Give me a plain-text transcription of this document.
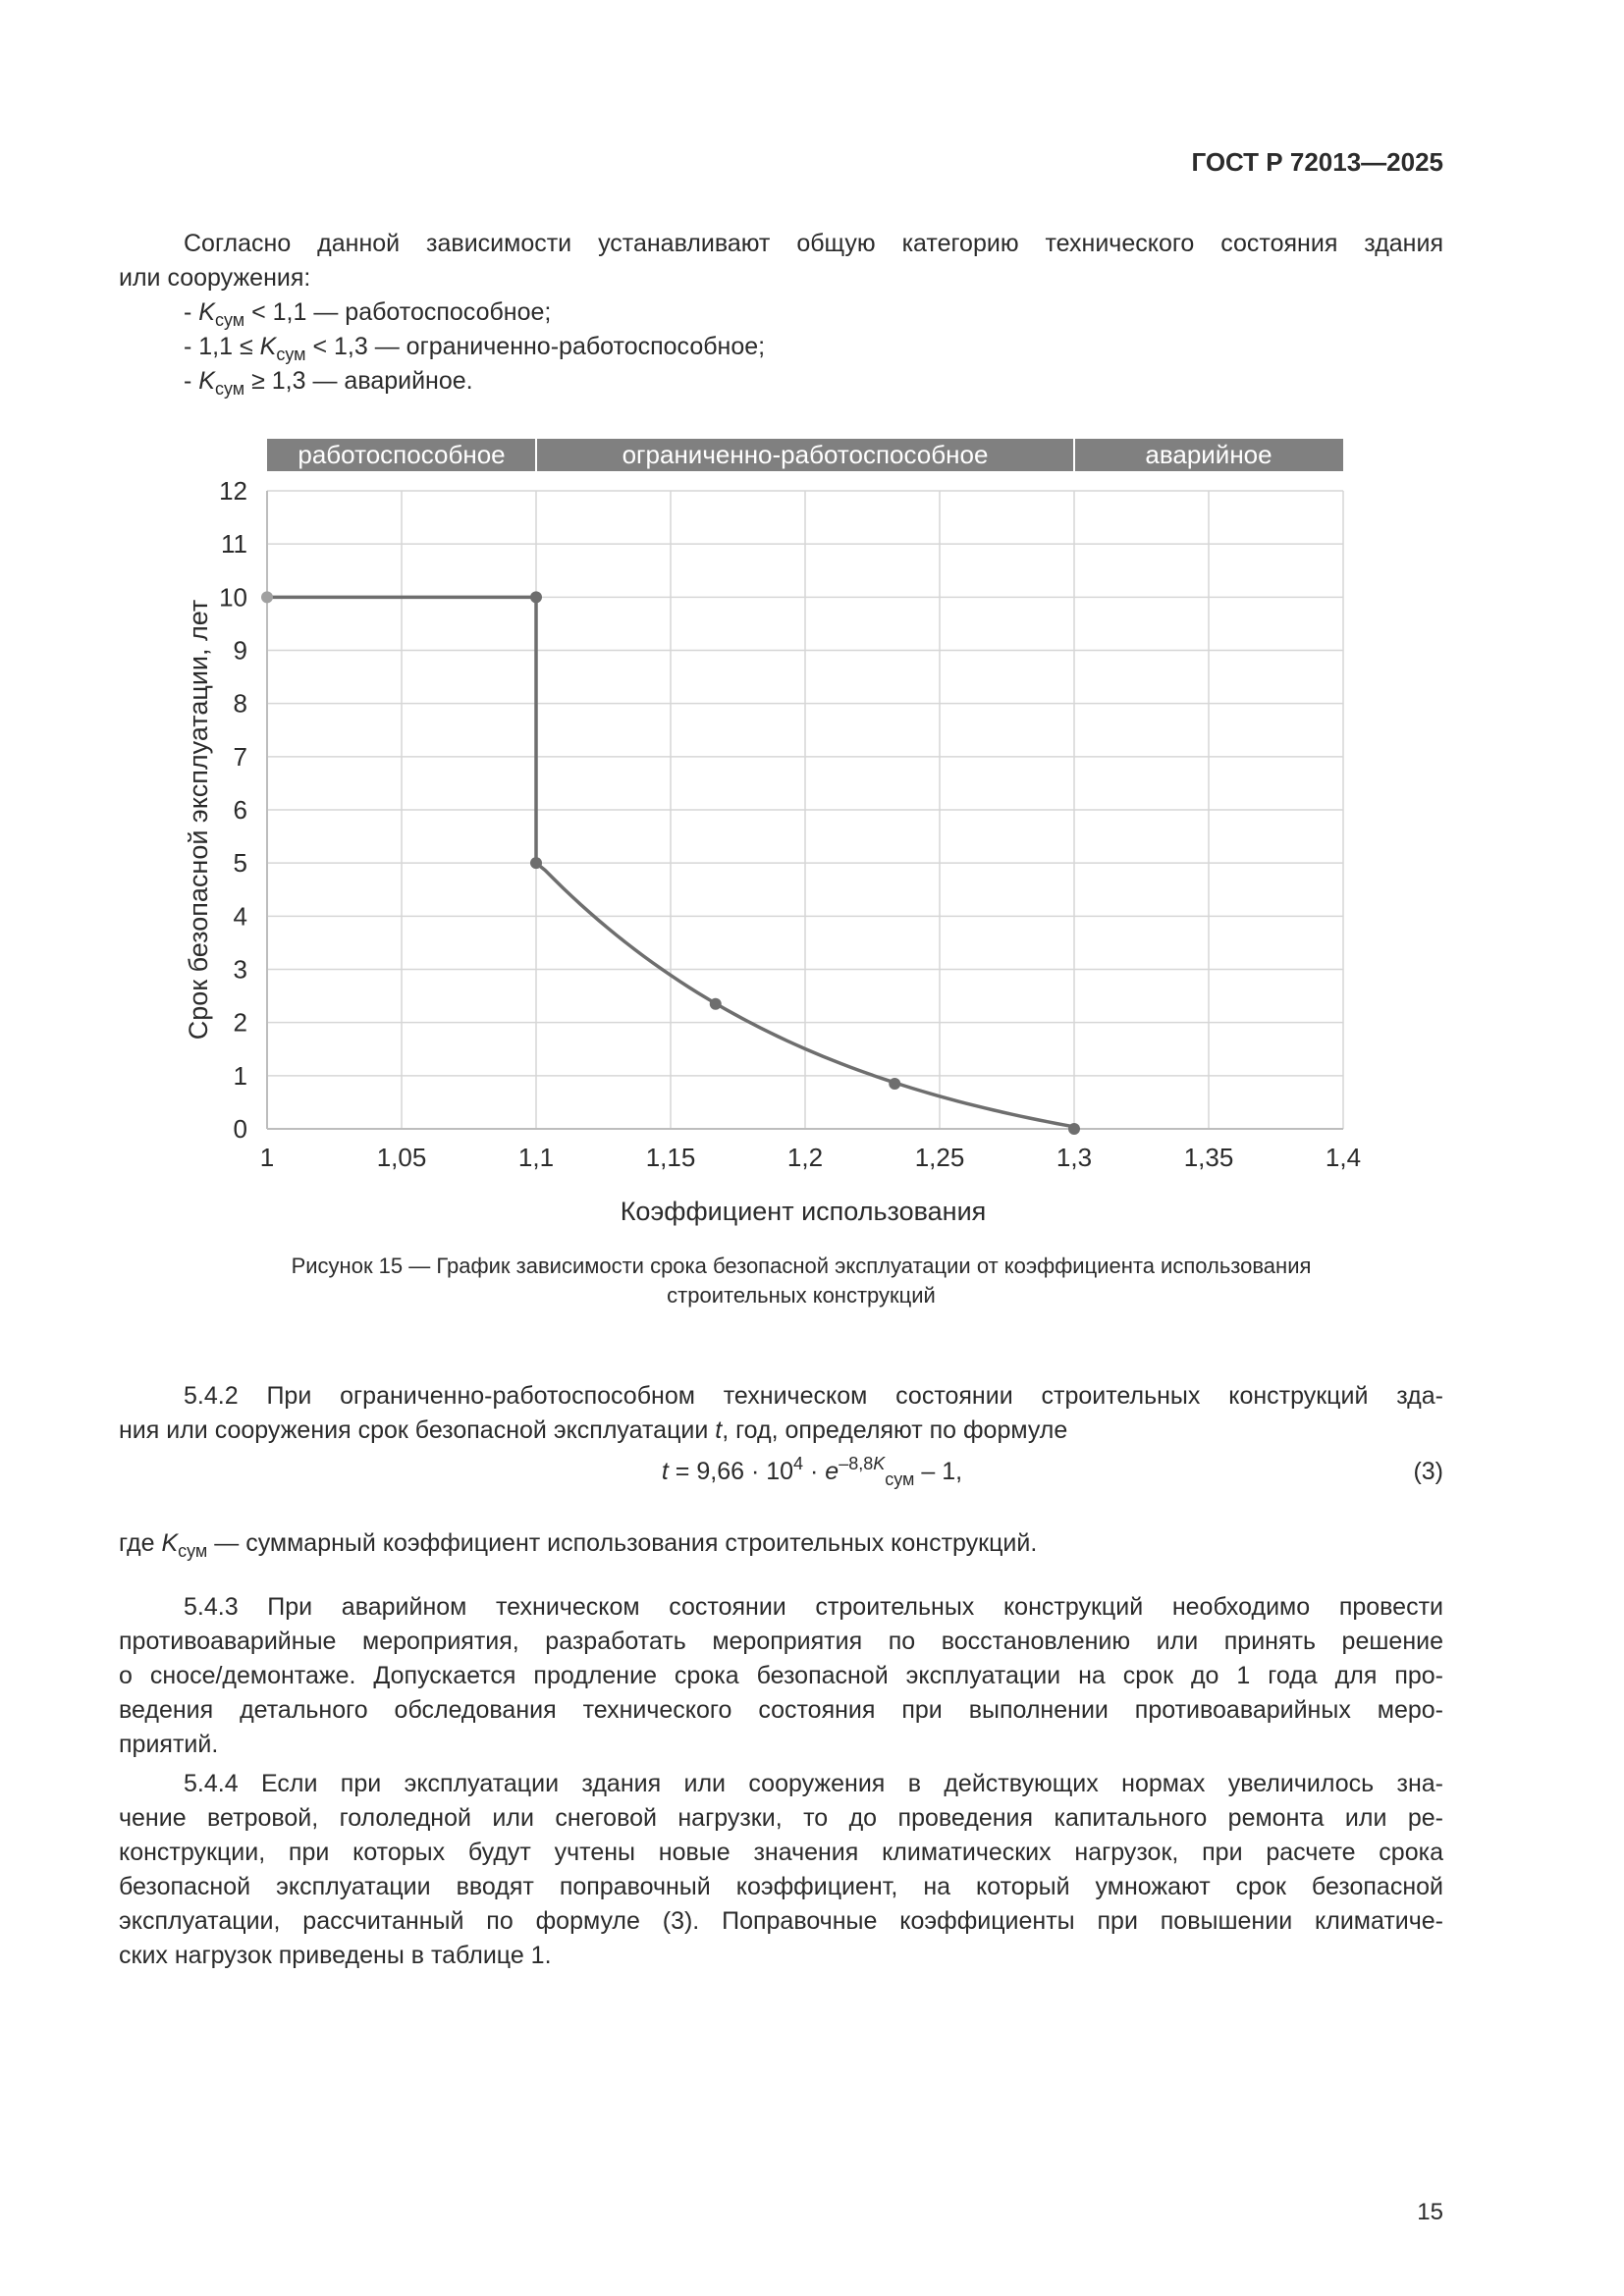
ГОСТ Р 72013—2025

Согласно данной зависимости устанавливают общую категорию технического состояния здания

или сооружения:

- $K_{сум} < 1,1$ — работоспособное;
- $1,1 \le K_{сум} < 1,3$ — ограниченно-работоспособное;
- $K_{сум} \ge 1,3$ — аварийное.
работоспособное	ограниченно-работоспособное	аварийное
0
1
2
3
4
5
6
7
8
9
10
11
12
1	1,05	1,1	1,15	1,2	1,25	1,3	1,35	1,4
Срок безопасной эксплуатации, лет
Коэффициент использования
Рисунок 15 — График зависимости срока безопасной эксплуатации от коэффициента использования
строительных конструкций

5.4.2 При ограниченно-работоспособном техническом состоянии строительных конструкций зда-

ния или сооружения срок безопасной эксплуатации t, год, определяют по формуле

$t = 9,66 \cdot 10^4 \cdot e^{-8,8K}_{сум} - 1$,	(3)

где $K_{сум}$ — суммарный коэффициент использования строительных конструкций.

5.4.3 При аварийном техническом состоянии строительных конструкций необходимо провести

противоаварийные мероприятия, разработать мероприятия по восстановлению или принять решение

о сносе/демонтаже. Допускается продление срока безопасной эксплуатации на срок до 1 года для про-

ведения детального обследования технического состояния при выполнении противоаварийных меро-

приятий.

5.4.4 Если при эксплуатации здания или сооружения в действующих нормах увеличилось зна-

чение ветровой, гололедной или снеговой нагрузки, то до проведения капитального ремонта или ре-

конструкции, при которых будут учтены новые значения климатических нагрузок, при расчете срока

безопасной эксплуатации вводят поправочный коэффициент, на который умножают срок безопасной

эксплуатации, рассчитанный по формуле (3). Поправочные коэффициенты при повышении климатиче-

ских нагрузок приведены в таблице 1.

15
